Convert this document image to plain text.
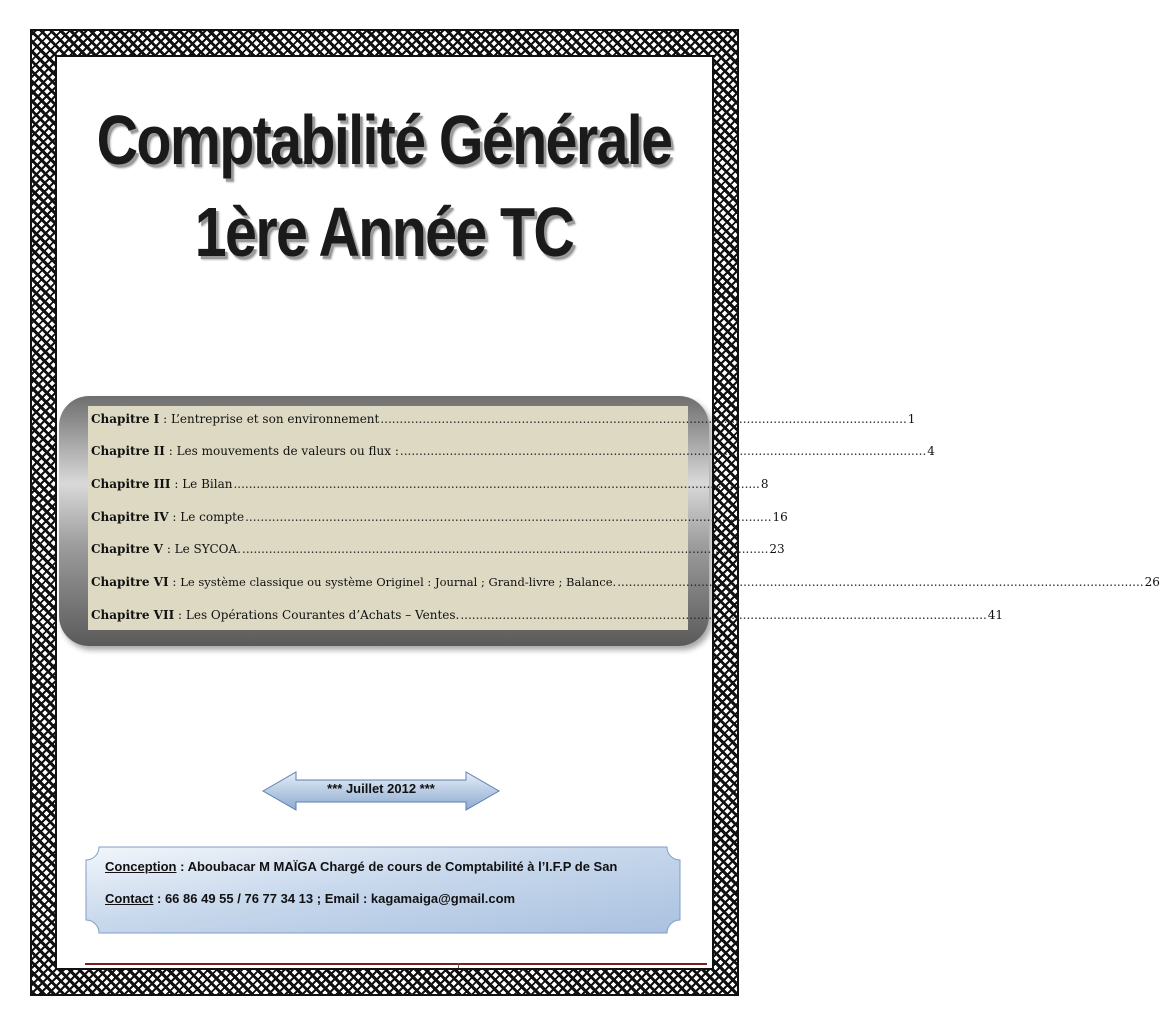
Comptabilité Générale
1ère Année TC
Chapitre I : L’entreprise et son environnement .......................................................................................................................................... 1
Chapitre II : Les mouvements de valeurs ou flux : .......................................................................................................................................... 4
Chapitre III : Le Bilan .......................................................................................................................................... 8
Chapitre IV : Le compte .......................................................................................................................................... 16
Chapitre V : Le SYCOA. .......................................................................................................................................... 23
Chapitre VI : Le système classique ou système Originel : Journal ; Grand-livre ; Balance. .......................................................................................................................................... 26
Chapitre VII : Les Opérations Courantes d’Achats – Ventes. .......................................................................................................................................... 41
*** Juillet 2012 ***
Conception : Aboubacar M MAÏGA Chargé de cours de Comptabilité à l’I.F.P de San
Contact : 66 86 49 55 / 76 77 34 13 ; Email : kagamaiga@gmail.com
